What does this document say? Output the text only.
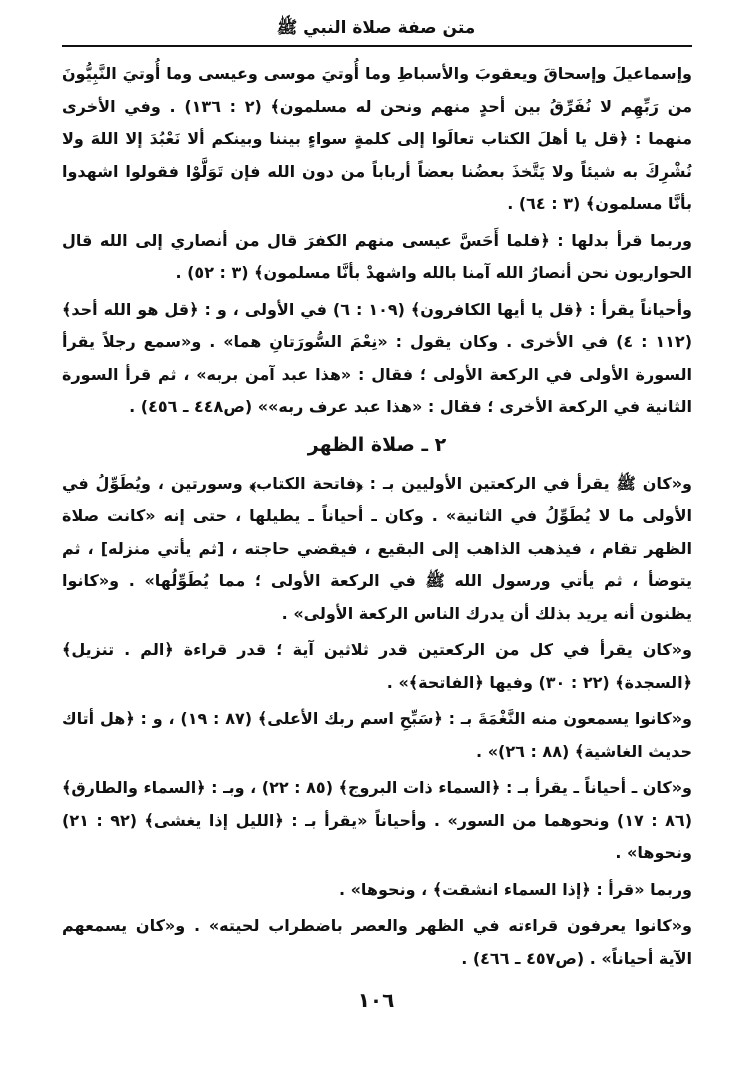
متن صفة صلاة النبي ﷺ

وإسماعيلَ وإسحاقَ ويعقوبَ والأسباطِ وما أُوتيَ موسى وعيسى وما أُوتيَ النَّبِيُّونَ من رَبِّهِم لا نُفَرِّقُ بين أحدٍ منهم ونحن له مسلمون﴾ (٢ : ١٣٦) . وفي الأخرى منهما : ﴿قل يا أهلَ الكتاب تعالَوا إلى كلمةٍ سواءٍ بيننا وبينكم ألا نَعْبُدَ إلا اللهَ ولا نُشْرِكَ به شيئاً ولا يَتَّخذَ بعضُنا بعضاً أرباباً من دون الله فإن تَوَلَّوْا فقولوا اشهدوا بأنَّا مسلمون﴾ (٣ : ٦٤) .

وربما قرأ بدلها : ﴿فلما أَحَسَّ عيسى منهم الكفرَ قال من أنصاري إلى الله قال الحواريون نحن أنصارُ الله آمنا بالله واشهدْ بأنَّا مسلمون﴾ (٣ : ٥٢) .

وأحياناً يقرأ : ﴿قل يا أيها الكافرون﴾ (١٠٩ : ٦) في الأولى ، و : ﴿قل هو الله أحد﴾ (١١٢ : ٤) في الأخرى . وكان يقول : «نِعْمَ السُّورَتانِ هما» . و«سمع رجلاً يقرأ السورة الأولى في الركعة الأولى ؛ فقال : «هذا عبد آمن بربه» ، ثم قرأ السورة الثانية في الركعة الأخرى ؛ فقال : «هذا عبد عرف ربه»» (ص٤٤٨ ـ ٤٥٦) .

٢ ـ صلاة الظهر

و«كان ﷺ يقرأ في الركعتين الأوليين بـ : ﴿فاتحة الكتاب﴾ وسورتين ، ويُطَوِّلُ في الأولى ما لا يُطَوِّلُ في الثانية» . وكان ـ أحياناً ـ يطيلها ، حتى إنه «كانت صلاة الظهر تقام ، فيذهب الذاهب إلى البقيع ، فيقضي حاجته ، [ثم يأتي منزله] ، ثم يتوضأ ، ثم يأتي ورسول الله ﷺ في الركعة الأولى ؛ مما يُطَوِّلُها» . و«كانوا يظنون أنه يريد بذلك أن يدرك الناس الركعة الأولى» .

و«كان يقرأ في كل من الركعتين قدر ثلاثين آية ؛ قدر قراءة ﴿الم . تنزيل﴾ ﴿السجدة﴾ (٢٢ : ٣٠) وفيها ﴿الفاتحة﴾» .

و«كانوا يسمعون منه النَّغْمَةَ بـ : ﴿سَبِّحِ اسم ربك الأعلى﴾ (٨٧ : ١٩) ، و : ﴿هل أتاك حديث الغاشية﴾ (٨٨ : ٢٦)» .

و«كان ـ أحياناً ـ يقرأ بـ : ﴿السماء ذات البروج﴾ (٨٥ : ٢٢) ، وبـ : ﴿السماء والطارق﴾ (٨٦ : ١٧) ونحوهما من السور» . وأحياناً «يقرأ بـ : ﴿الليل إذا يغشى﴾ (٩٢ : ٢١) ونحوها» .

وربما «قرأ : ﴿إذا السماء انشقت﴾ ، ونحوها» .

و«كانوا يعرفون قراءته في الظهر والعصر باضطراب لحيته» . و«كان يسمعهم الآية أحياناً» . (ص٤٥٧ ـ ٤٦٦) .

١٠٦
